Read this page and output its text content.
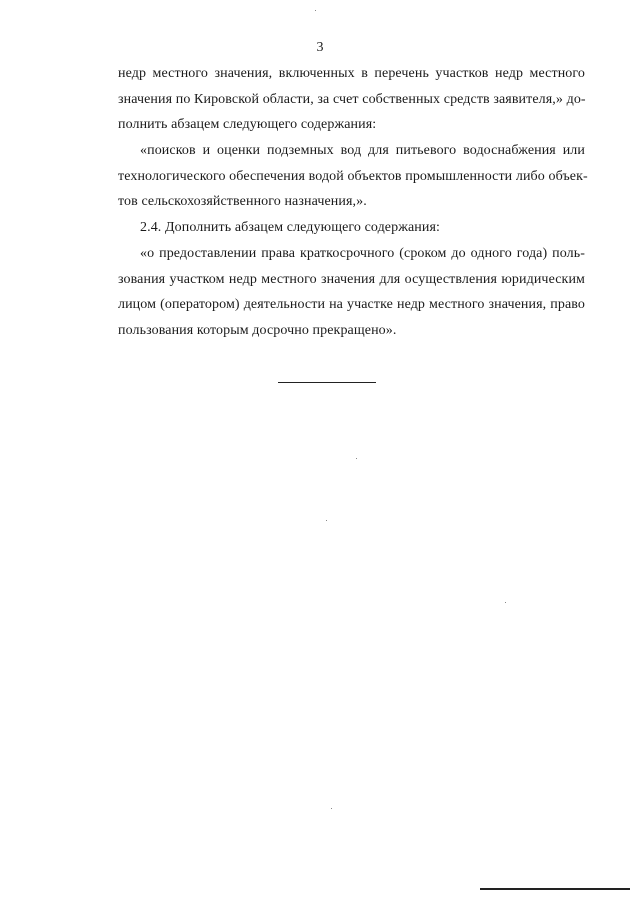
3
недр местного значения, включенных в перечень участков недр местного
значения по Кировской области, за счет собственных средств заявителя,» до-
полнить абзацем следующего содержания:
«поисков и оценки подземных вод для питьевого водоснабжения или
технологического обеспечения водой объектов промышленности либо объек-
тов сельскохозяйственного назначения,».
2.4. Дополнить абзацем следующего содержания:
«о предоставлении права краткосрочного (сроком до одного года) поль-
зования участком недр местного значения для осуществления юридическим
лицом (оператором) деятельности на участке недр местного значения, право
пользования которым досрочно прекращено».
